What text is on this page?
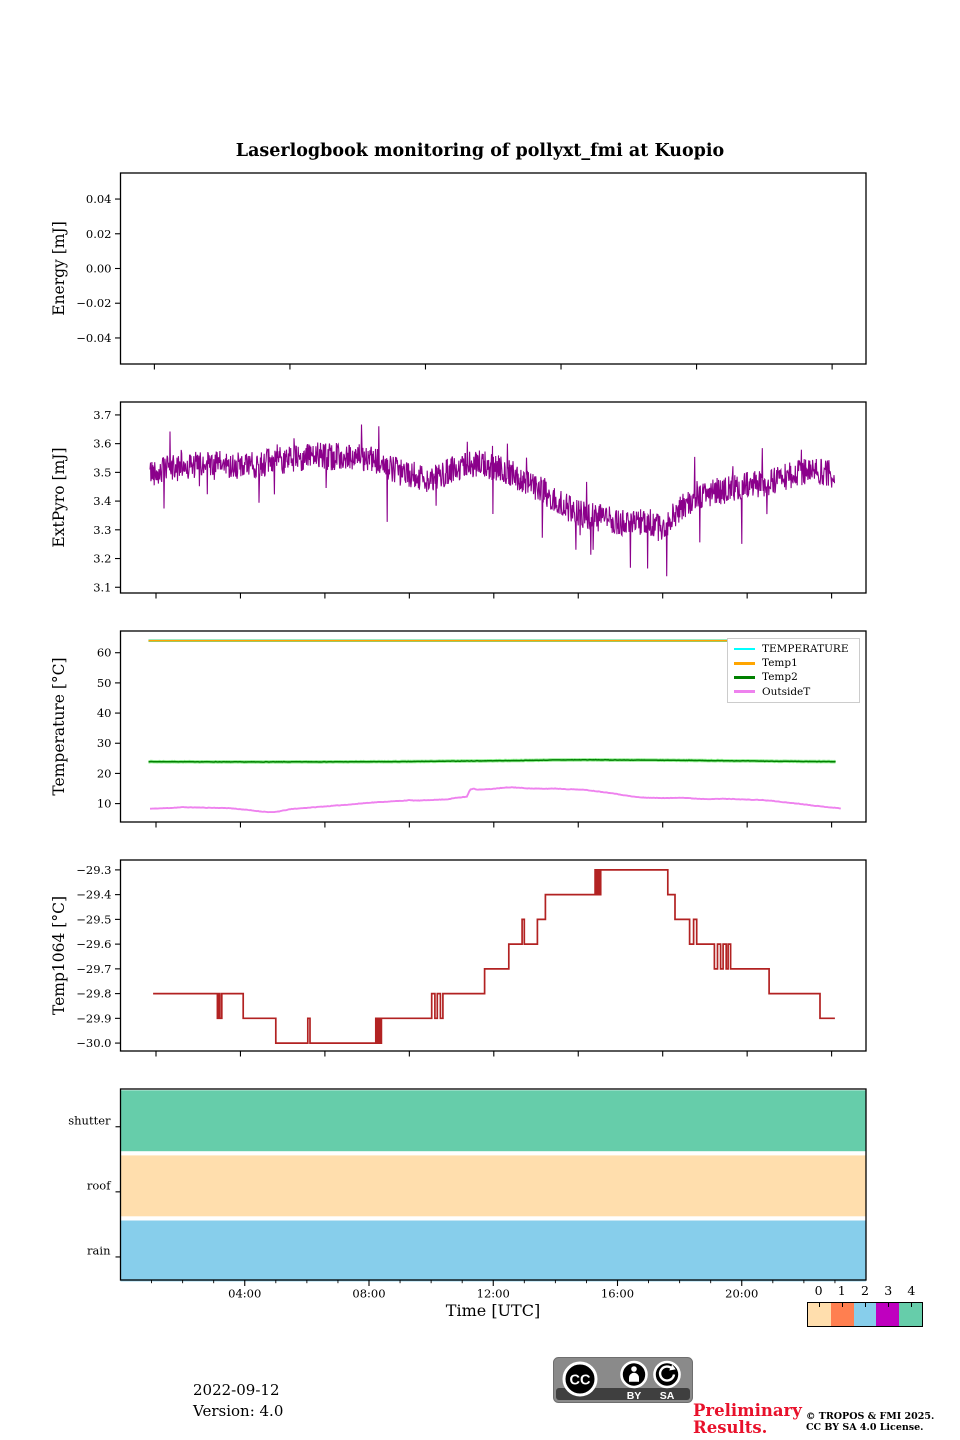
Laserlogbook monitoring of pollyxt_fmi at Kuopio
0.04
0.02
0.00
−0.02
−0.04
Energy [mJ]
3.7
3.6
3.5
3.4
3.3
3.2
3.1
ExtPyro [mJ]
60
50
40
30
20
10
Temperature [°C]
−29.3
−29.4
−29.5
−29.6
−29.7
−29.8
−29.9
−30.0
Temp1064 [°C]
shutter
roof
rain
04:00	08:00	12:00	16:00	20:00
TEMPERATURE
Temp1
Temp2
OutsideT
Time [UTC]
0	1	2	3	4
2022-09-12
Version: 4.0
CC
BY SA
Preliminary
Results.
© TROPOS & FMI 2025.
CC BY SA 4.0 License.
